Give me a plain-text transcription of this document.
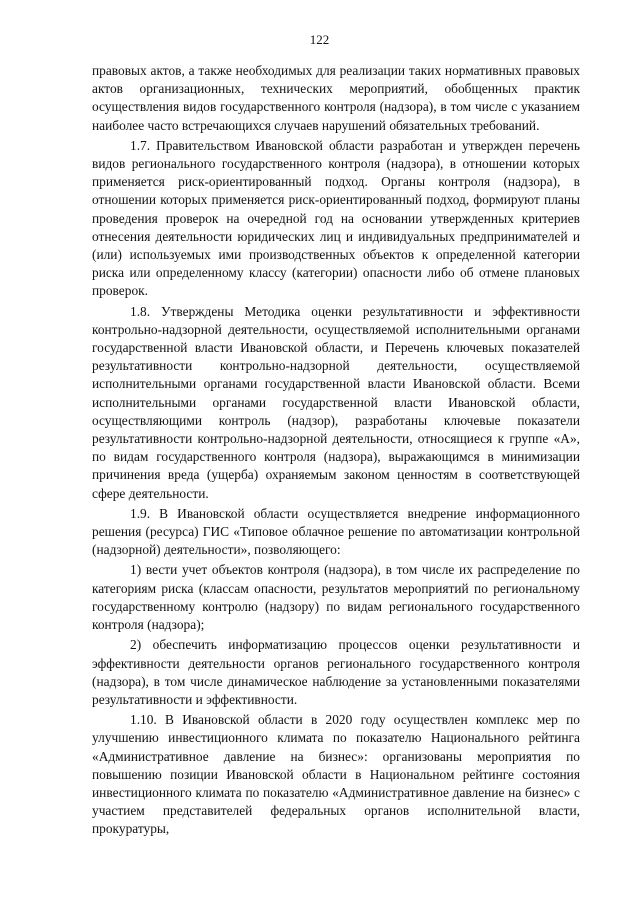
122

правовых актов, а также необходимых для реализации таких нормативных правовых актов организационных, технических мероприятий, обобщенных практик осуществления видов государственного контроля (надзора), в том числе с указанием наиболее часто встречающихся случаев нарушений обязательных требований.

1.7. Правительством Ивановской области разработан и утвержден перечень видов регионального государственного контроля (надзора), в отношении которых применяется риск-ориентированный подход. Органы контроля (надзора), в отношении которых применяется риск-ориентированный подход, формируют планы проведения проверок на очередной год на основании утвержденных критериев отнесения деятельности юридических лиц и индивидуальных предпринимателей и (или) используемых ими производственных объектов к определенной категории риска или определенному классу (категории) опасности либо об отмене плановых проверок.

1.8. Утверждены Методика оценки результативности и эффективности контрольно-надзорной деятельности, осуществляемой исполнительными органами государственной власти Ивановской области, и Перечень ключевых показателей результативности контрольно-надзорной деятельности, осуществляемой исполнительными органами государственной власти Ивановской области. Всеми исполнительными органами государственной власти Ивановской области, осуществляющими контроль (надзор), разработаны ключевые показатели результативности контрольно-надзорной деятельности, относящиеся к группе «А», по видам государственного контроля (надзора), выражающимся в минимизации причинения вреда (ущерба) охраняемым законом ценностям в соответствующей сфере деятельности.

1.9. В Ивановской области осуществляется внедрение информационного решения (ресурса) ГИС «Типовое облачное решение по автоматизации контрольной (надзорной) деятельности», позволяющего:

1) вести учет объектов контроля (надзора), в том числе их распределение по категориям риска (классам опасности, результатов мероприятий по региональному государственному контролю (надзору) по видам регионального государственного контроля (надзора);

2) обеспечить информатизацию процессов оценки результативности и эффективности деятельности органов регионального государственного контроля (надзора), в том числе динамическое наблюдение за установленными показателями результативности и эффективности.

1.10. В Ивановской области в 2020 году осуществлен комплекс мер по улучшению инвестиционного климата по показателю Национального рейтинга «Административное давление на бизнес»: организованы мероприятия по повышению позиции Ивановской области в Национальном рейтинге состояния инвестиционного климата по показателю «Административное давление на бизнес» с участием представителей федеральных органов исполнительной власти, прокуратуры,
